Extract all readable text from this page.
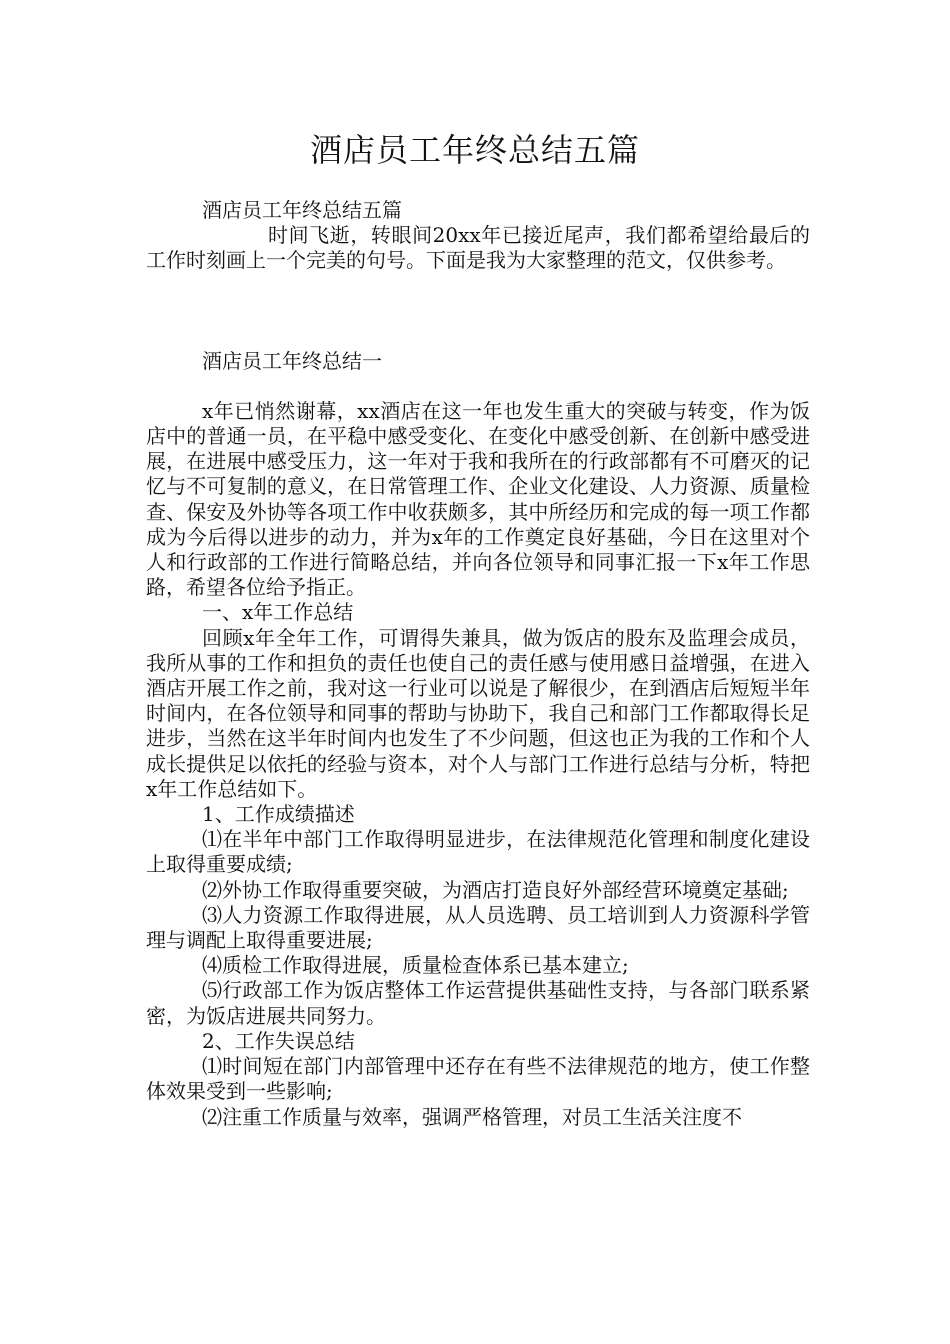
酒店员工年终总结五篇

酒店员工年终总结五篇

时间飞逝，转眼间20xx年已接近尾声，我们都希望给最后的工作时刻画上一个完美的句号。下面是我为大家整理的范文，仅供参考。

酒店员工年终总结一

x年已悄然谢幕，xx酒店在这一年也发生重大的突破与转变，作为饭店中的普通一员，在平稳中感受变化、在变化中感受创新、在创新中感受进展，在进展中感受压力，这一年对于我和我所在的行政部都有不可磨灭的记忆与不可复制的意义，在日常管理工作、企业文化建设、人力资源、质量检查、保安及外协等各项工作中收获颇多，其中所经历和完成的每一项工作都成为今后得以进步的动力，并为x年的工作奠定良好基础，今日在这里对个人和行政部的工作进行简略总结，并向各位领导和同事汇报一下x年工作思路，希望各位给予指正。

一、x年工作总结

回顾x年全年工作，可谓得失兼具，做为饭店的股东及监理会成员，我所从事的工作和担负的责任也使自己的责任感与使用感日益增强，在进入酒店开展工作之前，我对这一行业可以说是了解很少，在到酒店后短短半年时间内，在各位领导和同事的帮助与协助下，我自己和部门工作都取得长足进步，当然在这半年时间内也发生了不少问题，但这也正为我的工作和个人成长提供足以依托的经验与资本，对个人与部门工作进行总结与分析，特把x年工作总结如下。

1、工作成绩描述

⑴在半年中部门工作取得明显进步，在法律规范化管理和制度化建设上取得重要成绩;

⑵外协工作取得重要突破，为酒店打造良好外部经营环境奠定基础;

⑶人力资源工作取得进展，从人员选聘、员工培训到人力资源科学管理与调配上取得重要进展;

⑷质检工作取得进展，质量检查体系已基本建立;

⑸行政部工作为饭店整体工作运营提供基础性支持，与各部门联系紧密，为饭店进展共同努力。

2、工作失误总结

⑴时间短在部门内部管理中还存在有些不法律规范的地方，使工作整体效果受到一些影响;

⑵注重工作质量与效率，强调严格管理，对员工生活关注度不
